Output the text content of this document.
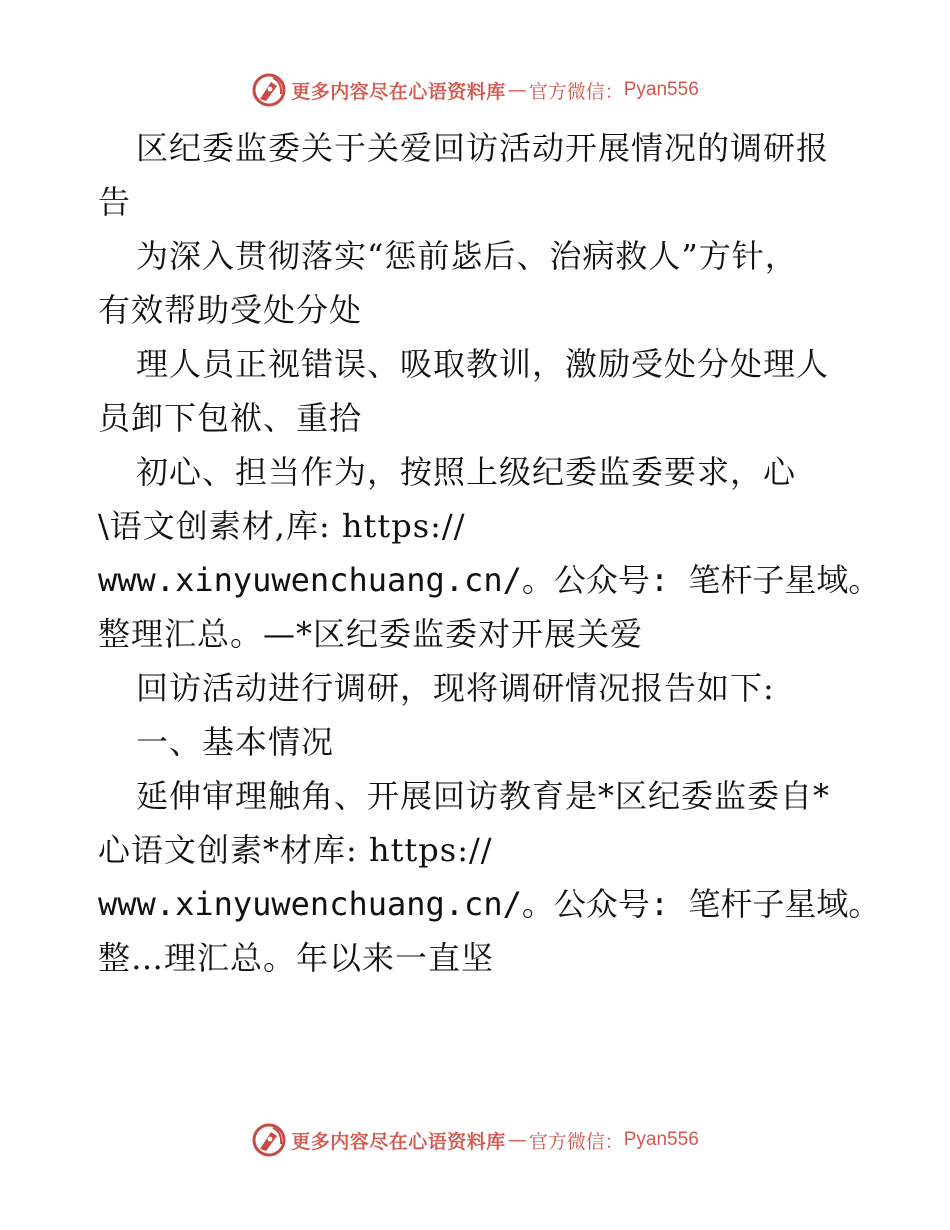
更多内容尽在心语资料库 — 官方微信： Pyan556
区纪委监委关于关爱回访活动开展情况的调研报
告
为深入贯彻落实“惩前毖后、治病救人”方针，
有效帮助受处分处
理人员正视错误、吸取教训，激励受处分处理人
员卸下包袱、重拾
初心、担当作为，按照上级纪委监委要求，心
\语文创素材,库: https://
www.xinyuwenchuang.cn/。公众号: 笔杆子星域。
整理汇总。—*区纪委监委对开展关爱
回访活动进行调研，现将调研情况报告如下:
一、基本情况
延伸审理触角、开展回访教育是*区纪委监委自*
心语文创素*材库: https://
www.xinyuwenchuang.cn/。公众号: 笔杆子星域。
整…理汇总。年以来一直坚
更多内容尽在心语资料库 — 官方微信： Pyan556
